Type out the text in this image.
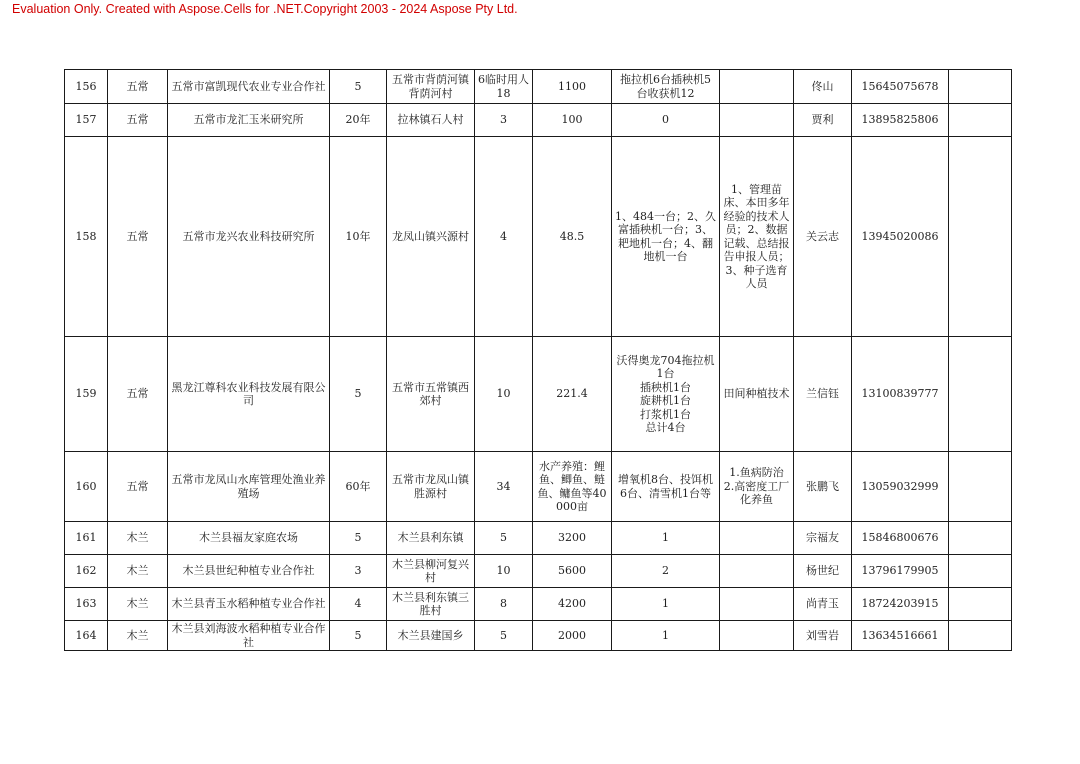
Evaluation Only. Created with Aspose.Cells for .NET.Copyright 2003 - 2024 Aspose Pty Ltd.
156	五常	五常市富凯现代农业专业合作社	5	五常市背荫河镇背荫河村	6临时用人18	1100	拖拉机6台插秧机5台收获机12		佟山	15645075678	
157	五常	五常市龙汇玉米研究所	20年	拉林镇石人村	3	100	0		贾利	13895825806	
158	五常	五常市龙兴农业科技研究所	10年	龙凤山镇兴源村	4	48.5	1、484一台；2、久富插秧机一台；3、耙地机一台；4、翻地机一台	1、管理苗床、本田多年经验的技术人员；2、数据记载、总结报告申报人员；3、种子选育人员	关云志	13945020086	
159	五常	黑龙江尊科农业科技发展有限公司	5	五常市五常镇西郊村	10	221.4	沃得奥龙704拖拉机1台
插秧机1台
旋耕机1台
打浆机1台
总计4台	田间种植技术	兰信钰	13100839777	
160	五常	五常市龙凤山水库管理处渔业养殖场	60年	五常市龙凤山镇胜源村	34	水产养殖：鲤鱼、鲫鱼、鲢鱼、鳙鱼等40000亩	增氧机8台、投饵机6台、清雪机1台等	1.鱼病防治
2.高密度工厂化养鱼	张鹏飞	13059032999	
161	木兰	木兰县福友家庭农场	5	木兰县利东镇	5	3200	1		宗福友	15846800676	
162	木兰	木兰县世纪种植专业合作社	3	木兰县柳河复兴村	10	5600	2		杨世纪	13796179905	
163	木兰	木兰县青玉水稻种植专业合作社	4	木兰县利东镇三胜村	8	4200	1		尚青玉	18724203915	
164	木兰	木兰县刘海波水稻种植专业合作社	5	木兰县建国乡	5	2000	1		刘雪岩	13634516661	
